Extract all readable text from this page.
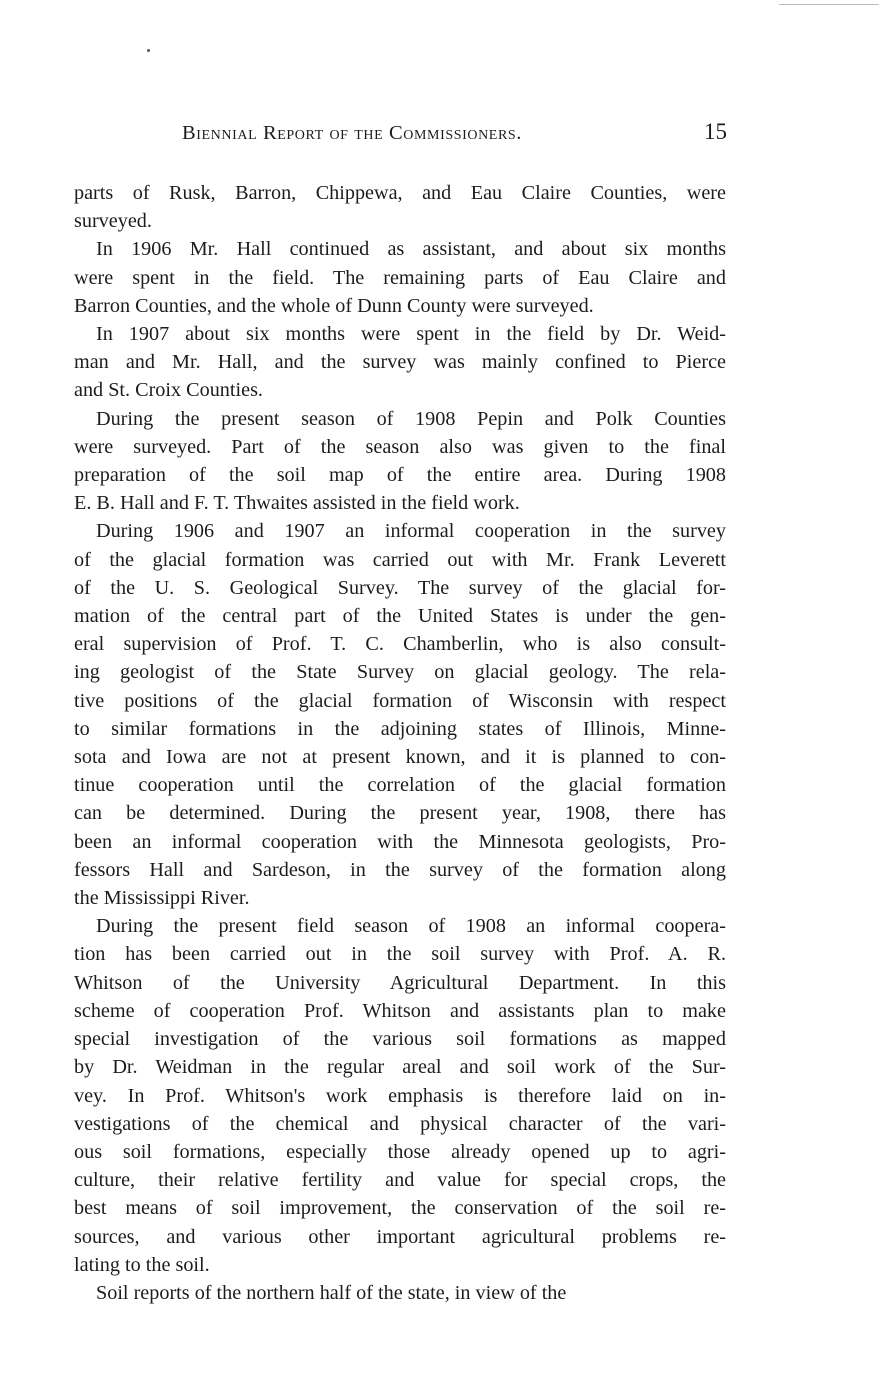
Biennial Report of the Commissioners.	15
parts of Rusk, Barron, Chippewa, and Eau Claire Counties, were
surveyed.
In 1906 Mr. Hall continued as assistant, and about six months
were spent in the field. The remaining parts of Eau Claire and
Barron Counties, and the whole of Dunn County were surveyed.
In 1907 about six months were spent in the field by Dr. Weid-
man and Mr. Hall, and the survey was mainly confined to Pierce
and St. Croix Counties.
During the present season of 1908 Pepin and Polk Counties
were surveyed. Part of the season also was given to the final
preparation of the soil map of the entire area. During 1908
E. B. Hall and F. T. Thwaites assisted in the field work.
During 1906 and 1907 an informal cooperation in the survey
of the glacial formation was carried out with Mr. Frank Leverett
of the U. S. Geological Survey. The survey of the glacial for-
mation of the central part of the United States is under the gen-
eral supervision of Prof. T. C. Chamberlin, who is also consult-
ing geologist of the State Survey on glacial geology. The rela-
tive positions of the glacial formation of Wisconsin with respect
to similar formations in the adjoining states of Illinois, Minne-
sota and Iowa are not at present known, and it is planned to con-
tinue cooperation until the correlation of the glacial formation
can be determined. During the present year, 1908, there has
been an informal cooperation with the Minnesota geologists, Pro-
fessors Hall and Sardeson, in the survey of the formation along
the Mississippi River.
During the present field season of 1908 an informal coopera-
tion has been carried out in the soil survey with Prof. A. R.
Whitson of the University Agricultural Department. In this
scheme of cooperation Prof. Whitson and assistants plan to make
special investigation of the various soil formations as mapped
by Dr. Weidman in the regular areal and soil work of the Sur-
vey. In Prof. Whitson's work emphasis is therefore laid on in-
vestigations of the chemical and physical character of the vari-
ous soil formations, especially those already opened up to agri-
culture, their relative fertility and value for special crops, the
best means of soil improvement, the conservation of the soil re-
sources, and various other important agricultural problems re-
lating to the soil.
Soil reports of the northern half of the state, in view of the
